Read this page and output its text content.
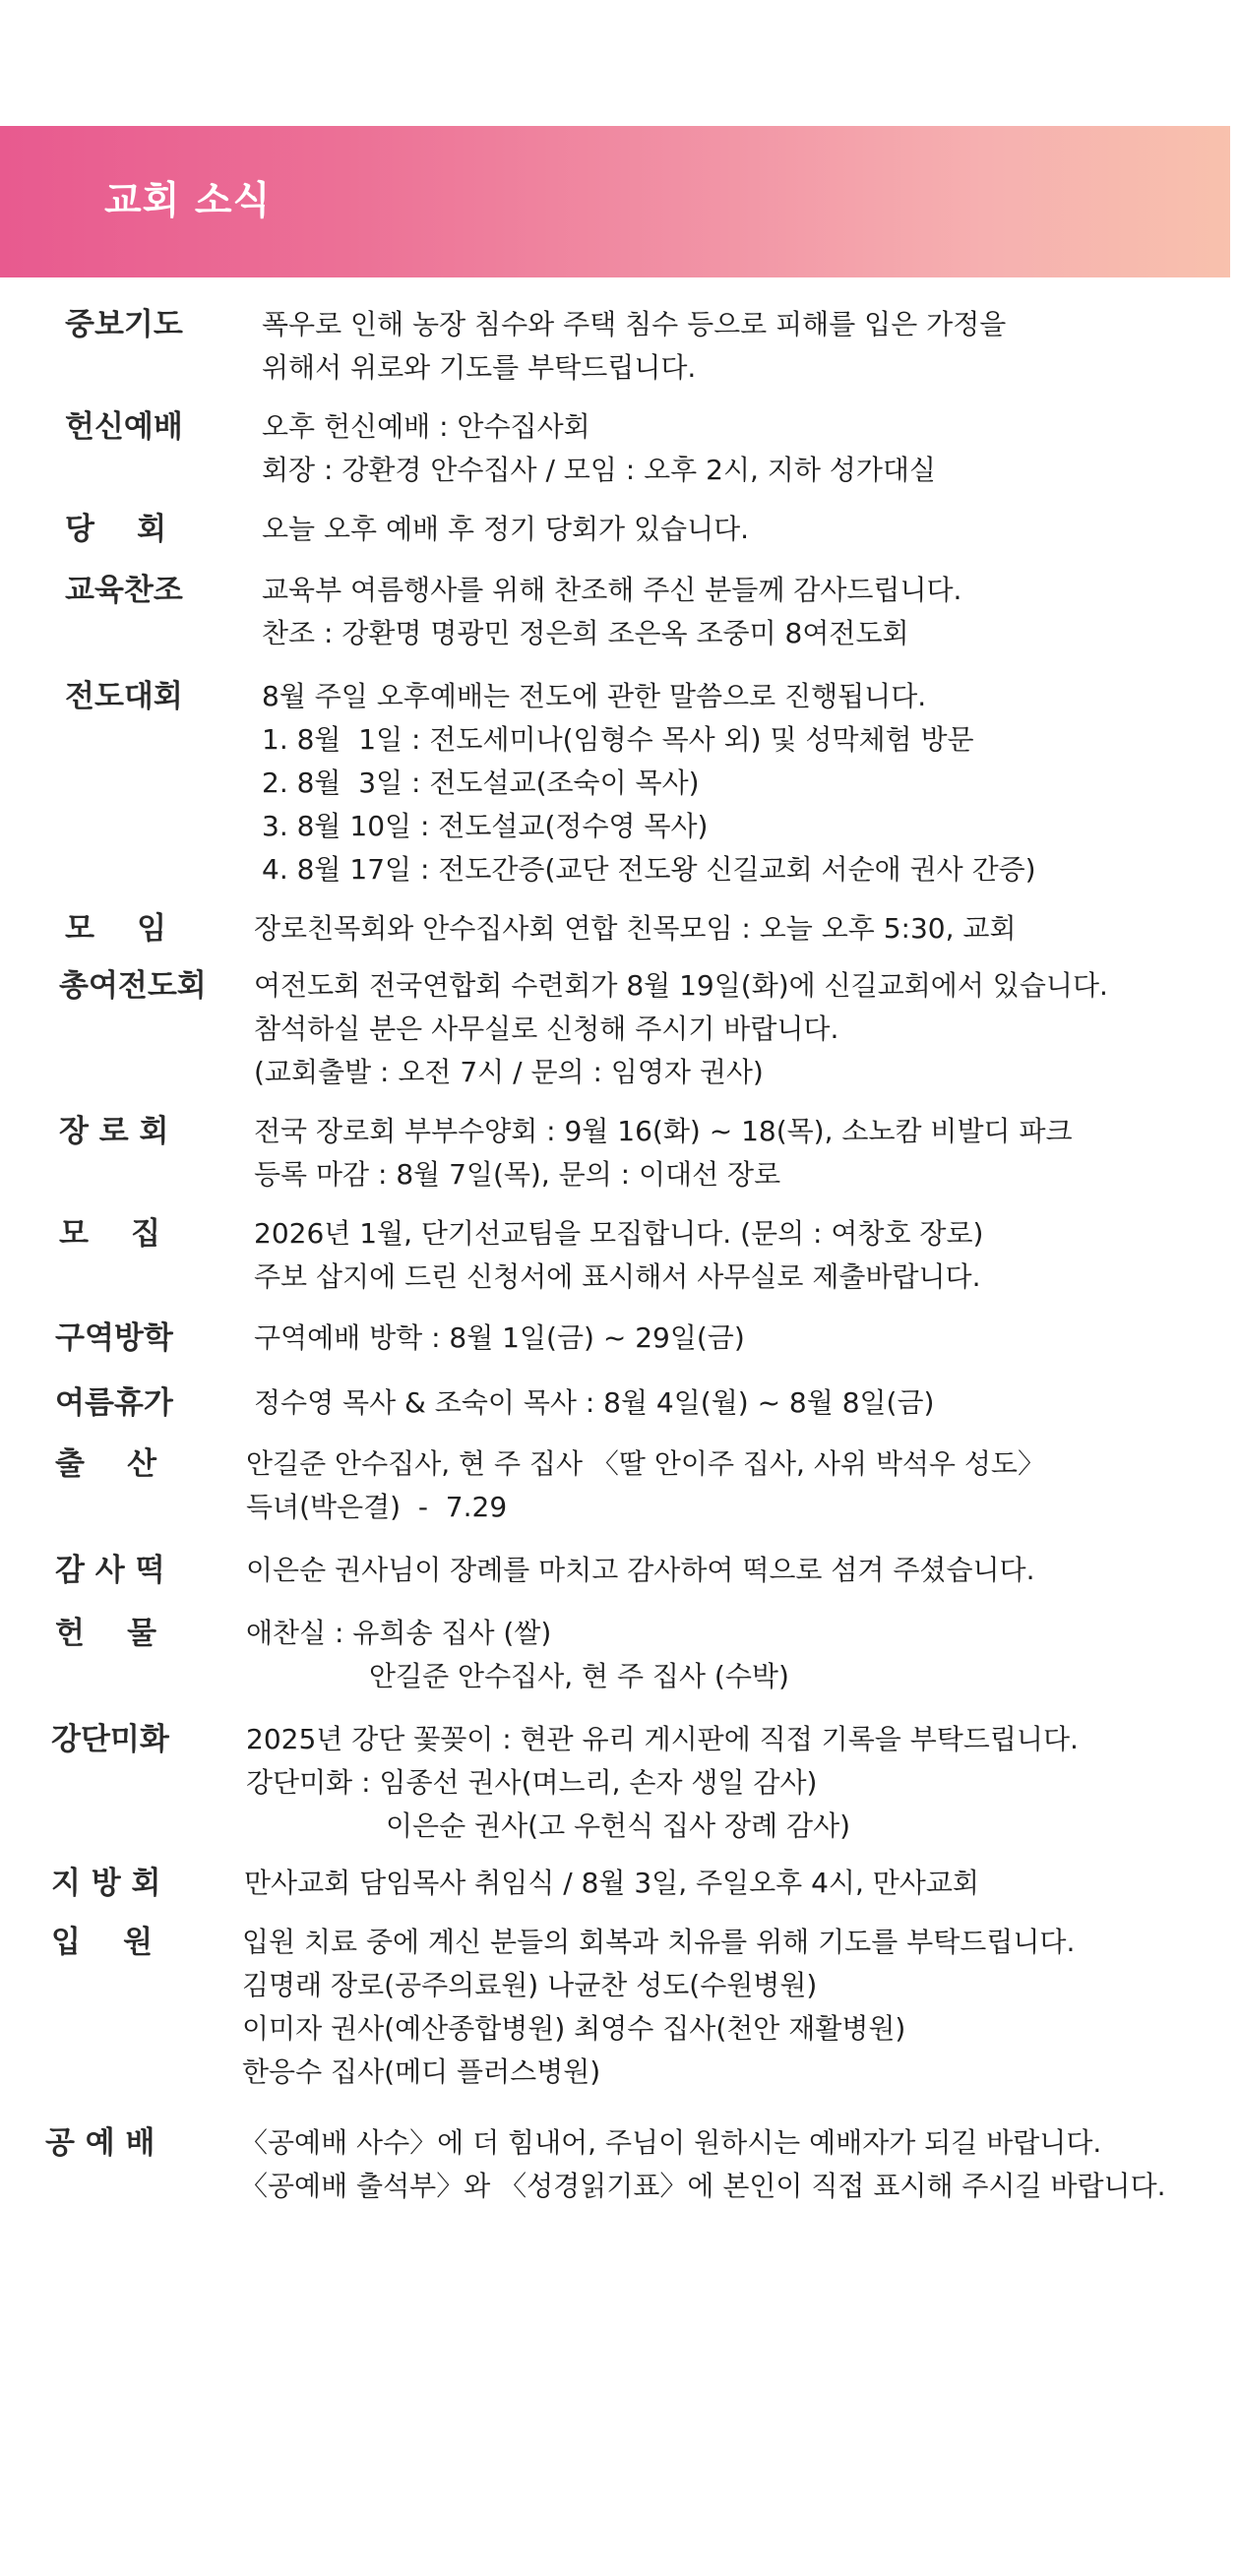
교회 소식
중보기도	폭우로 인해 농장 침수와 주택 침수 등으로 피해를 입은 가정을
위해서 위로와 기도를 부탁드립니다.
헌신예배	오후 헌신예배 : 안수집사회
회장 : 강환경 안수집사 / 모임 : 오후 2시, 지하 성가대실
당    회	오늘 오후 예배 후 정기 당회가 있습니다.
교육찬조	교육부 여름행사를 위해 찬조해 주신 분들께 감사드립니다.
찬조 : 강환명 명광민 정은희 조은옥 조중미 8여전도회
전도대회	8월 주일 오후예배는 전도에 관한 말씀으로 진행됩니다.
1. 8월  1일 : 전도세미나(임형수 목사 외) 및 성막체험 방문
2. 8월  3일 : 전도설교(조숙이 목사)
3. 8월 10일 : 전도설교(정수영 목사)
4. 8월 17일 : 전도간증(교단 전도왕 신길교회 서순애 권사 간증)
모    임	장로친목회와 안수집사회 연합 친목모임 : 오늘 오후 5:30, 교회
총여전도회 여전도회 전국연합회 수련회가 8월 19일(화)에 신길교회에서 있습니다.
참석하실 분은 사무실로 신청해 주시기 바랍니다.
(교회출발 : 오전 7시 / 문의 : 임영자 권사)
장 로 회	전국 장로회 부부수양회 : 9월 16(화) ~ 18(목), 소노캄 비발디 파크
등록 마감 : 8월 7일(목), 문의 : 이대선 장로
모    집	2026년 1월, 단기선교팀을 모집합니다. (문의 : 여창호 장로)
주보 삽지에 드린 신청서에 표시해서 사무실로 제출바랍니다.
구역방학	구역예배 방학 : 8월 1일(금) ~ 29일(금)
여름휴가	정수영 목사 & 조숙이 목사 : 8월 4일(월) ~ 8월 8일(금)
출    산	안길준 안수집사, 현 주 집사 〈딸 안이주 집사, 사위 박석우 성도〉
득녀(박은결)  -  7.29
감 사 떡	이은순 권사님이 장례를 마치고 감사하여 떡으로 섬겨 주셨습니다.
헌    물	애찬실 : 유희송 집사 (쌀)
안길준 안수집사, 현 주 집사 (수박)
강단미화	2025년 강단 꽃꽂이 : 현관 유리 게시판에 직접 기록을 부탁드립니다.
강단미화 : 임종선 권사(며느리, 손자 생일 감사)
이은순 권사(고 우헌식 집사 장례 감사)
지 방 회	만사교회 담임목사 취임식 / 8월 3일, 주일오후 4시, 만사교회
입    원	입원 치료 중에 계신 분들의 회복과 치유를 위해 기도를 부탁드립니다.
김명래 장로(공주의료원) 나균찬 성도(수원병원)
이미자 권사(예산종합병원) 최영수 집사(천안 재활병원)
한응수 집사(메디 플러스병원)
공 예 배	〈공예배 사수〉에 더 힘내어, 주님이 원하시는 예배자가 되길 바랍니다.
〈공예배 출석부〉와 〈성경읽기표〉에 본인이 직접 표시해 주시길 바랍니다.
